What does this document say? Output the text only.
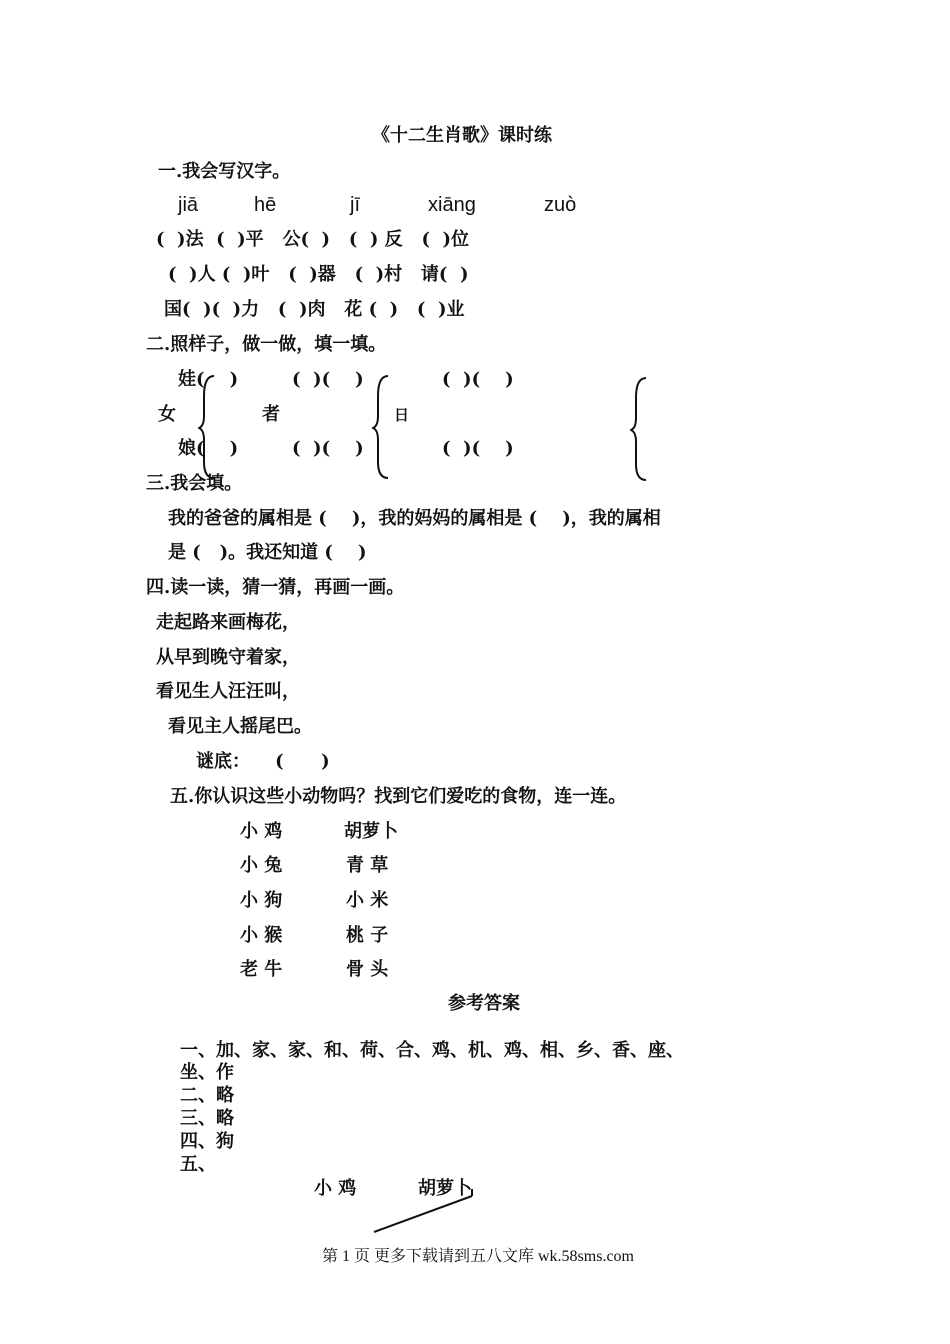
《十二生肖歌》课时练
一.我会写汉字。
jiā	hē	jī	xiāng	zuò
(  )法  (  )平   公(  )   (  ) 反   (  )位
(  )人 (  )叶   (  )器   (  )村   请(  )
国(  )(  )力   (  )肉   花 (  )   (  )业
二.照样子，做一做，填一填。
娃(    )
女
娘(    )
(  )(    )
者
(  )(    )
(  )(    )
日
(  )(    )
三.我会填。
我的爸爸的属相是 (    )，我的妈妈的属相是 (    )，我的属相
是 (   )。我还知道 (    )
四.读一读，猜一猜，再画一画。
走起路来画梅花，
从早到晚守着家，
看见生人汪汪叫，
看见主人摇尾巴。
谜底：    (      )
五.你认识这些小动物吗？找到它们爱吃的食物，连一连。
小 鸡	胡萝卜
小 兔	青 草
小 狗	小 米
小 猴	桃 子
老 牛	骨 头
参考答案
一、加、家、家、和、荷、合、鸡、机、鸡、相、乡、香、座、
坐、作
二、略
三、略
四、狗
五、
小 鸡	胡萝卜
第 1 页 更多下载请到五八文库 wk.58sms.com
